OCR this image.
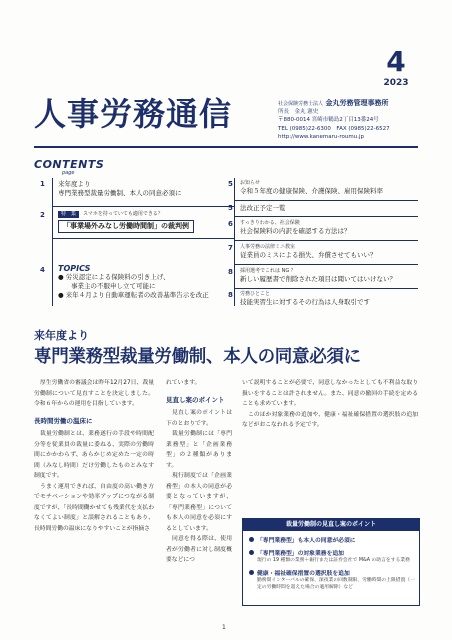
4
2023
人事労務通信	社会保険労務士法人 金丸労務管理事務所
所長　金丸 憲史
〒880-0014 宮崎市鶴島2丁目13番24号
TEL (0985)22-6300　FAX (0985)22-6527
http://www.kanemaru-roumu.jp
CONTENTS
page
1 来年度より
専門業務型裁量労働制、本人の同意必須に
2	特　集 スマホを持っていても適用できる？
「事業場外みなし労働時間制」の裁判例
4 TOPICS
● 労災認定による保険料の引き上げ、
　　事業主の不服申し立て可能に
● 来年４月より自動車運転者の改善基準告示を改正
5 お知らせ
令和５年度の健康保険、介護保険、雇用保険料率
5 法改正予定一覧
6 すっきりわかる、社会保険
社会保険料の内訳を確認する方法は？
7 人事労務の法律ミニ教室
従業員のミスによる損失、弁償させてもいい？
8 採用選考でこれは NG ？
新しい履歴書で削除された項目は聞いてはいけない？
8 労務ひとこと
技能実習生に対するその行為は人身取引です
来年度より
専門業務型裁量労働制、本人の同意必須に

厚生労働省の審議会は昨年12月27日、裁量労働制について見直すことを決定しました。令和６年からの運用を目指しています。

長時間労働の温床に

裁量労働制とは、業務遂行の手段や時間配分等を従業員の裁量に委ねる、実際の労働時間にかかわらず、あらかじめ定めた一定の時間（みなし時間）だけ労働したものとみなす制度です。

うまく運用できれば、自由度の高い働き方でモチベーションや効率アップにつながる制度ですが、「長時間働かせても残業代を支払わなくてよい制度」と誤解されることもあり、長時間労働の温床になりやすいことが指摘さ

れています。

見直し案のポイント

見直し案のポイントは下のとおりです。

裁量労働制には「専門業務型」と「企画業務型」の２種類があります。

現行制度では「企画業務型」の本人の同意が必要となっていますが、「専門業務型」についても本人の同意を必須にするとしています。

同意を得る際は、使用者が労働者に対し制度概要などにつ

いて説明することが必要で、同意しなかったとしても不利益な取り扱いをすることは許されません。また、同意の撤回の手続を定めることも求めています。

このほか対象業務の追加や、健康・福祉確保措置の選択肢の追加などがおこなわれる予定です。

裁量労働制の見直し案のポイント
「専門業務型」も本人の同意が必須に
「専門業務型」の対象業務を追加
現行の 19 種類の業務＋銀行または証券会社で M&A の助言をする業務
健康・福祉確保措置の選択肢を追加
勤務間インターバルの確保、深夜業の回数制限、労働時間の上限措置（一定の労働時間を超えた場合の適用解除）など
1
